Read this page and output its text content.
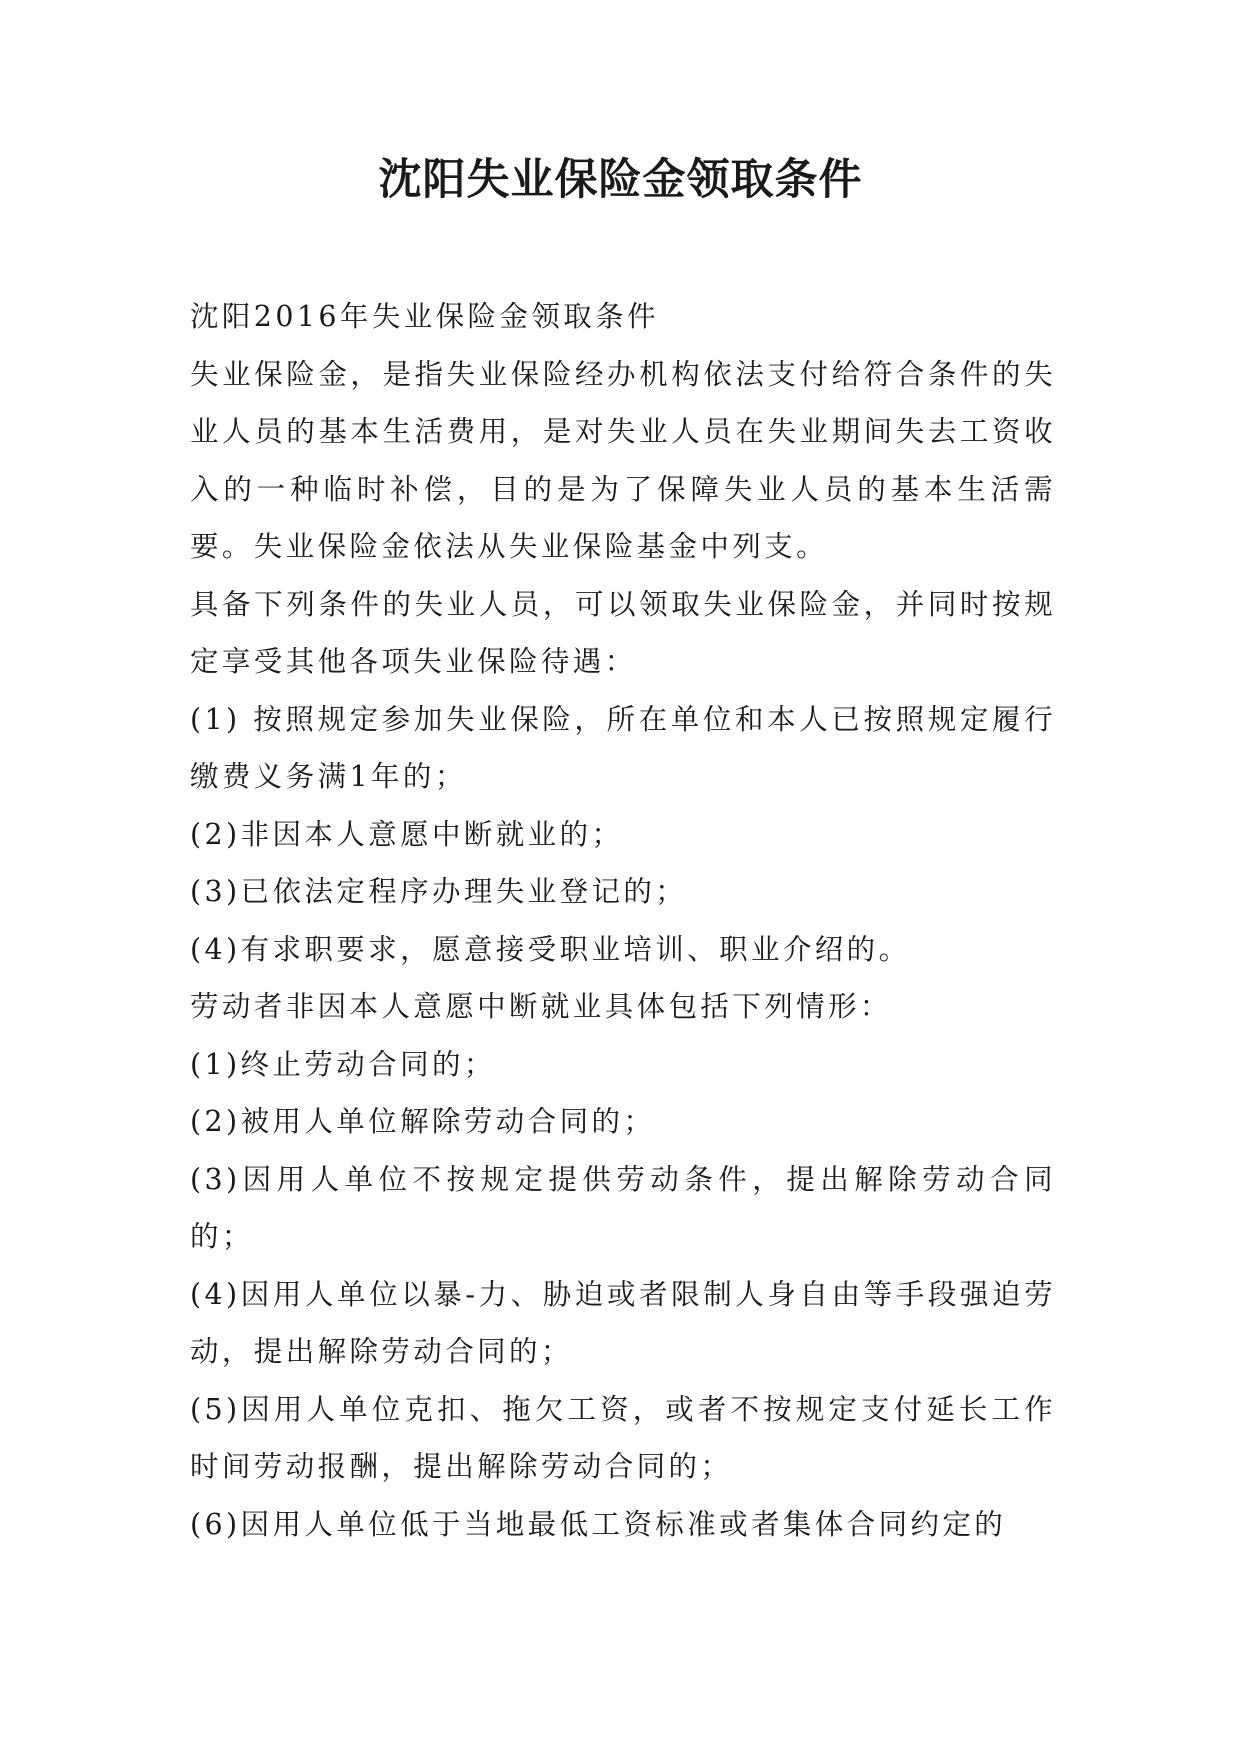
沈阳失业保险金领取条件

沈阳2016年失业保险金领取条件

失业保险金，是指失业保险经办机构依法支付给符合条件的失业人员的基本生活费用，是对失业人员在失业期间失去工资收入的一种临时补偿，目的是为了保障失业人员的基本生活需要。失业保险金依法从失业保险基金中列支。

具备下列条件的失业人员，可以领取失业保险金，并同时按规定享受其他各项失业保险待遇：

(1) 按照规定参加失业保险，所在单位和本人已按照规定履行缴费义务满1年的；

(2)非因本人意愿中断就业的；

(3)已依法定程序办理失业登记的；

(4)有求职要求，愿意接受职业培训、职业介绍的。

劳动者非因本人意愿中断就业具体包括下列情形：

(1)终止劳动合同的；

(2)被用人单位解除劳动合同的；

(3)因用人单位不按规定提供劳动条件，提出解除劳动合同的；

(4)因用人单位以暴-力、胁迫或者限制人身自由等手段强迫劳动，提出解除劳动合同的；

(5)因用人单位克扣、拖欠工资，或者不按规定支付延长工作时间劳动报酬，提出解除劳动合同的；

(6)因用人单位低于当地最低工资标准或者集体合同约定的
